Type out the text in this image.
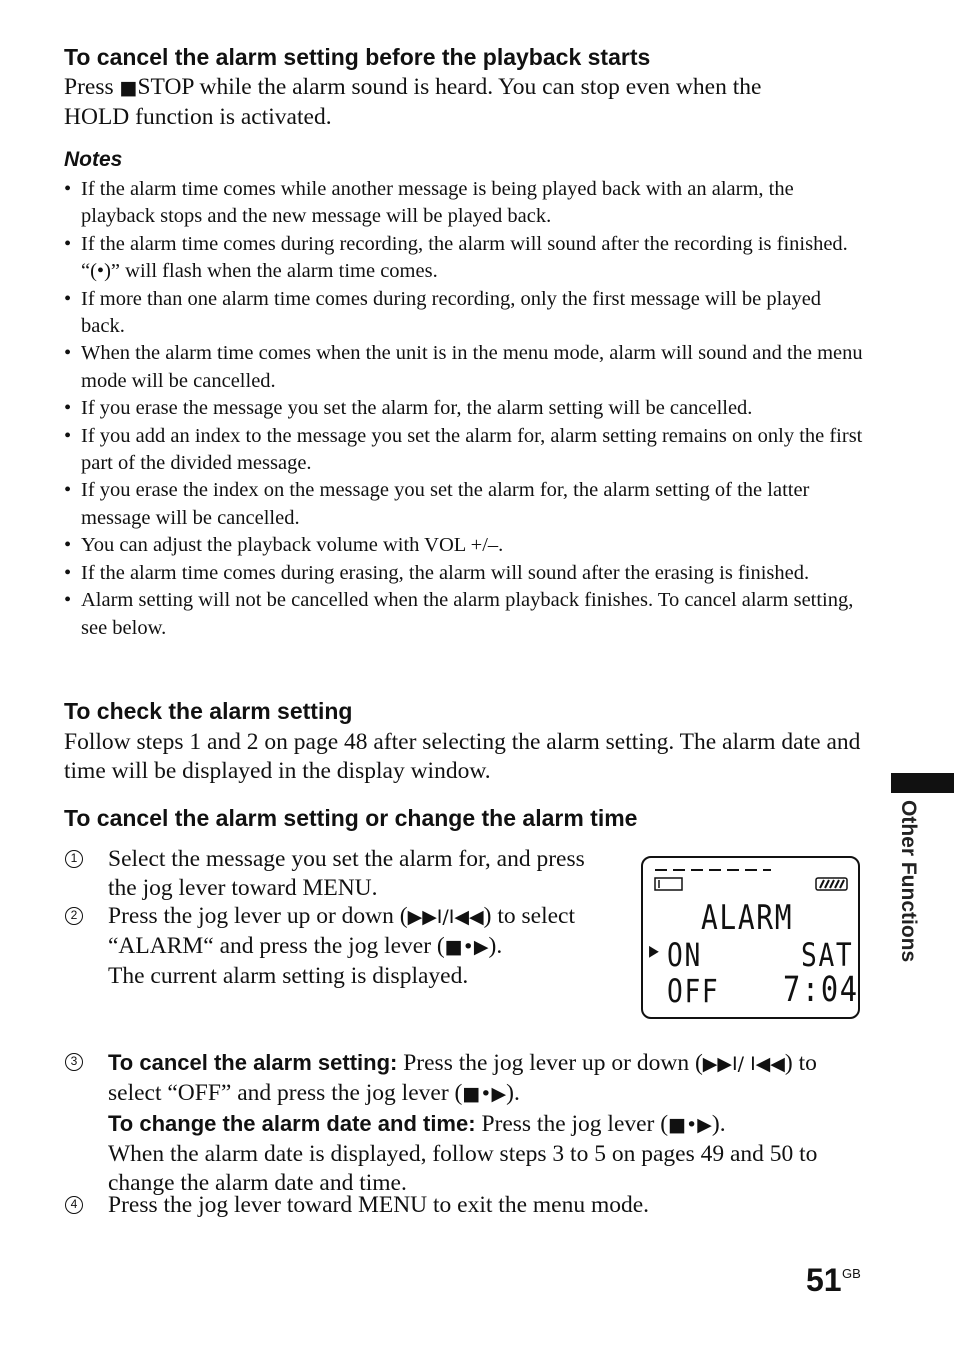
To cancel the alarm setting before the playback starts
Press ■STOP while the alarm sound is heard. You can stop even when the
HOLD function is activated.
Notes
• If the alarm time comes while another message is being played back with an alarm, the playback stops and the new message will be played back.
• If the alarm time comes during recording, the alarm will sound after the recording is finished. “(•)” will flash when the alarm time comes.
• If more than one alarm time comes during recording, only the first message will be played back.
• When the alarm time comes when the unit is in the menu mode, alarm will sound and the menu mode will be cancelled.
• If you erase the message you set the alarm for, the alarm setting will be cancelled.
• If you add an index to the message you set the alarm for, alarm setting remains on only the first part of the divided message.
• If you erase the index on the message you set the alarm for, the alarm setting of the latter message will be cancelled.
• You can adjust the playback volume with VOL +/–.
• If the alarm time comes during erasing, the alarm will sound after the erasing is finished.
• Alarm setting will not be cancelled when the alarm playback finishes. To cancel alarm setting, see below.
To check the alarm setting
Follow steps 1 and 2 on page 48 after selecting the alarm setting. The alarm date and time will be displayed in the display window.
To cancel the alarm setting or change the alarm time
1 Select the message you set the alarm for, and press the jog lever toward MENU.
2 Press the jog lever up or down (▶▶I/I◀◀) to select “ALARM“ and press the jog lever (■•▶).
The current alarm setting is displayed.
ALARM
▶ ON	SAT
OFF 7:04
3 To cancel the alarm setting: Press the jog lever up or down (▶▶I/ I◀◀) to select “OFF” and press the jog lever (■•▶).
To change the alarm date and time: Press the jog lever (■•▶).
When the alarm date is displayed, follow steps 3 to 5 on pages 49 and 50 to change the alarm date and time.
4 Press the jog lever toward MENU to exit the menu mode.
Other Functions
51 GB
